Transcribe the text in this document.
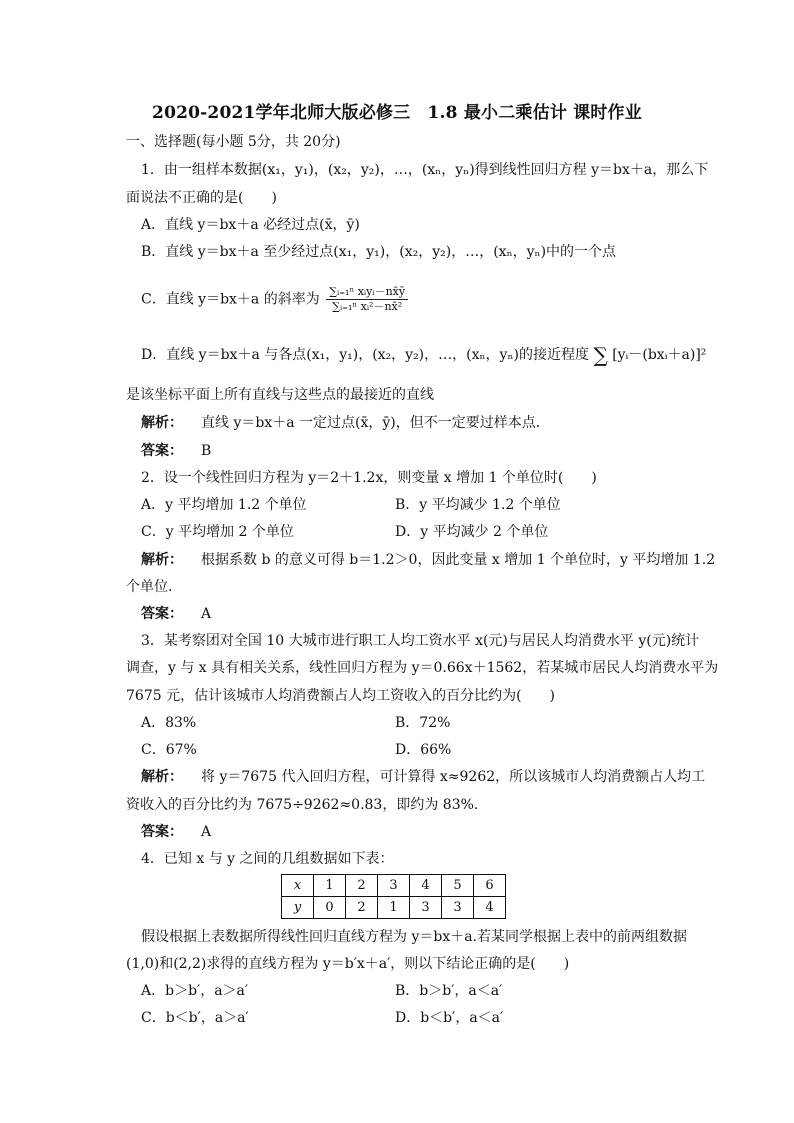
2020-2021学年北师大版必修三　1.8 最小二乘估计 课时作业
一、选择题(每小题 5分，共 20分)
1．由一组样本数据(x₁，y₁)，(x₂，y₂)，…，(xₙ，yₙ)得到线性回归方程 y＝bx＋a，那么下
面说法不正确的是(　　)
A．直线 y＝bx＋a 必经过点(x̄，ȳ)
B．直线 y＝bx＋a 至少经过点(x₁，y₁)，(x₂，y₂)，…，(xₙ，yₙ)中的一个点
C．直线 y＝bx＋a 的斜率为 $\frac{\text{∑ᵢ₌₁ⁿ xᵢyᵢ－nx̄ȳ}}{\text{∑ᵢ₌₁ⁿ xᵢ²－nx̄²}}$
D．直线 y＝bx＋a 与各点(x₁，y₁)，(x₂，y₂)，…，(xₙ，yₙ)的接近程度 ∑ [yᵢ－(bxᵢ＋a)]²
是该坐标平面上所有直线与这些点的最接近的直线
解析： 直线 y＝bx＋a 一定过点(x̄，ȳ)，但不一定要过样本点．
答案： B
2．设一个线性回归方程为 y＝2＋1.2x，则变量 x 增加 1 个单位时(　　)
A．y 平均增加 1.2 个单位	B．y 平均减少 1.2 个单位
C．y 平均增加 2 个单位	D．y 平均减少 2 个单位
解析： 根据系数 b 的意义可得 b＝1.2＞0，因此变量 x 增加 1 个单位时，y 平均增加 1.2
个单位．
答案： A
3．某考察团对全国 10 大城市进行职工人均工资水平 x(元)与居民人均消费水平 y(元)统计
调查，y 与 x 具有相关关系，线性回归方程为 y＝0.66x＋1562，若某城市居民人均消费水平为
7675 元，估计该城市人均消费额占人均工资收入的百分比约为(　　)
A．83%	B．72%
C．67%	D．66%
解析： 将 y＝7675 代入回归方程，可计算得 x≈9262，所以该城市人均消费额占人均工
资收入的百分比约为 7675÷9262≈0.83，即约为 83%.
答案： A
4．已知 x 与 y 之间的几组数据如下表：
x	1	2	3	4	5	6
y	0	2	1	3	3	4
假设根据上表数据所得线性回归直线方程为 y＝bx＋a.若某同学根据上表中的前两组数据
(1,0)和(2,2)求得的直线方程为 y＝b′x＋a′，则以下结论正确的是(　　)
A．b＞b′，a＞a′	B．b＞b′，a＜a′
C．b＜b′，a＞a′	D．b＜b′，a＜a′
